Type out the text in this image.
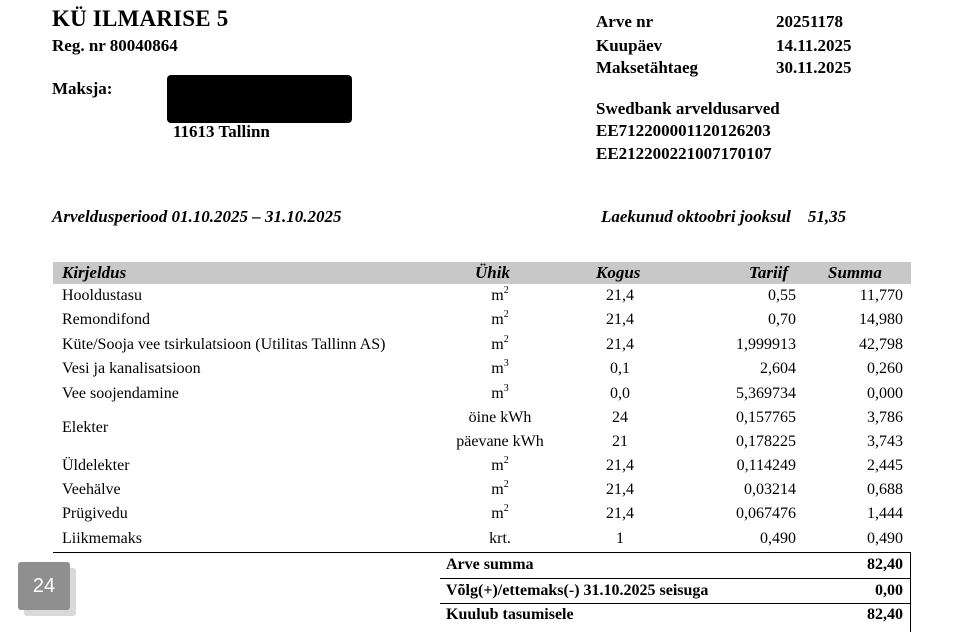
KÜ ILMARISE 5
Reg. nr 80040864
Maksja:
11613 Tallinn
Arve nr	20251178
Kuupäev	14.11.2025
Maksetähtaeg	30.11.2025
Swedbank arveldusarved
EE712200001120126203
EE212200221007170107
Arveldusperiood 01.10.2025 – 31.10.2025	Laekunud oktoobri jooksul 51,35
Kirjeldus	Ühik	Kogus	Tariif Summa
Hooldustasu	$m^2$	21,4	0,55	11,770
Remondifond	$m^2$	21,4	0,70	14,980
Küte/Sooja vee tsirkulatsioon (Utilitas Tallinn AS)	$m^2$	21,4	1,999913	42,798
Vesi ja kanalisatsioon	$m^3$	0,1	2,604	0,260
Vee soojendamine	$m^3$	0,0	5,369734	0,000
Elekter
öine kWh	24	0,157765	3,786
päevane kWh	21	0,178225	3,743
Üldelekter	$m^2$	21,4	0,114249	2,445
Veehälve	$m^2$	21,4	0,03214	0,688
Prügivedu	$m^2$	21,4	0,067476	1,444
Liikmemaks	krt.	1	0,490	0,490
Arve summa	82,40
Võlg(+)/ettemaks(-) 31.10.2025 seisuga	0,00
Kuulub tasumisele	82,40
24
